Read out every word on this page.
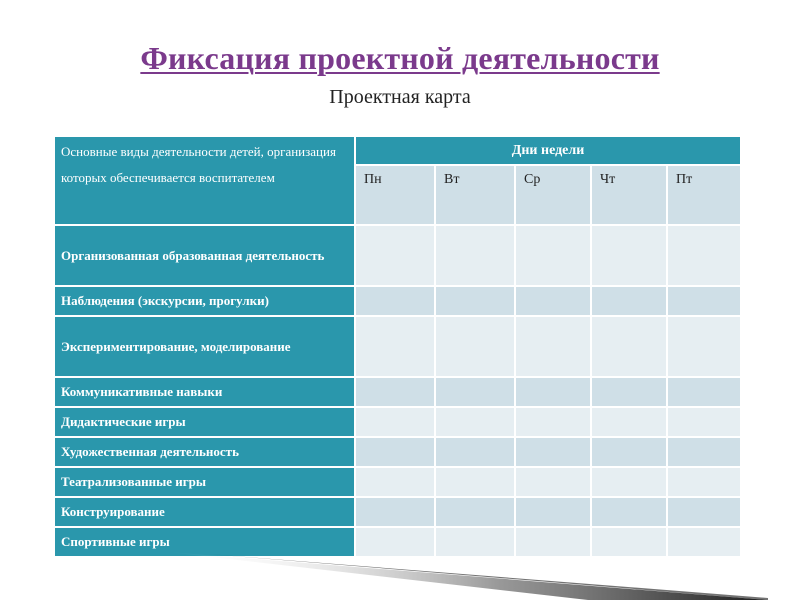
Фиксация проектной деятельности
Проектная карта
Основные виды деятельности детей, организация которых обеспечивается воспитателем	Дни недели				
	Пн	Вт	Ср	Чт	Пт
Организованная образованная деятельность					
Наблюдения (экскурсии, прогулки)					
Экспериментирование, моделирование					
Коммуникативные навыки					
Дидактические игры					
Художественная деятельность					
Театрализованные игры					
Конструирование					
Спортивные игры					
